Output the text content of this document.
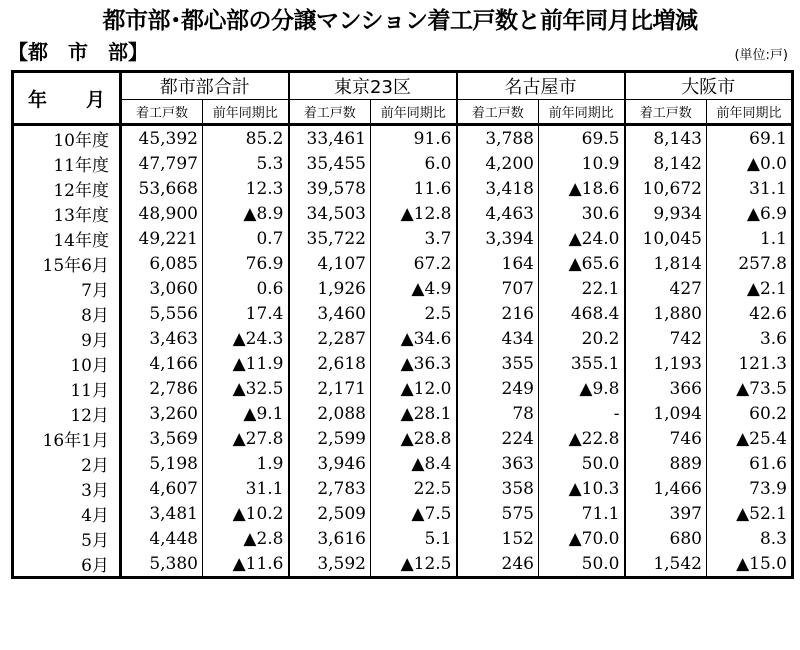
都市部･都心部の分譲マンション着工戸数と前年同月比増減
【都　市　部】	(単位:戸)
年　月	都市部合計		東京23区		名古屋市		大阪市	
	着工戸数	前年同期比	着工戸数	前年同期比	着工戸数	前年同期比	着工戸数	前年同期比
10年度	45,392	85.2	33,461	91.6	3,788	69.5	8,143	69.1
11年度	47,797	5.3	35,455	6.0	4,200	10.9	8,142	▲0.0
12年度	53,668	12.3	39,578	11.6	3,418	▲18.6	10,672	31.1
13年度	48,900	▲8.9	34,503	▲12.8	4,463	30.6	9,934	▲6.9
14年度	49,221	0.7	35,722	3.7	3,394	▲24.0	10,045	1.1
15年6月	6,085	76.9	4,107	67.2	164	▲65.6	1,814	257.8
7月	3,060	0.6	1,926	▲4.9	707	22.1	427	▲2.1
8月	5,556	17.4	3,460	2.5	216	468.4	1,880	42.6
9月	3,463	▲24.3	2,287	▲34.6	434	20.2	742	3.6
10月	4,166	▲11.9	2,618	▲36.3	355	355.1	1,193	121.3
11月	2,786	▲32.5	2,171	▲12.0	249	▲9.8	366	▲73.5
12月	3,260	▲9.1	2,088	▲28.1	78	-	1,094	60.2
16年1月	3,569	▲27.8	2,599	▲28.8	224	▲22.8	746	▲25.4
2月	5,198	1.9	3,946	▲8.4	363	50.0	889	61.6
3月	4,607	31.1	2,783	22.5	358	▲10.3	1,466	73.9
4月	3,481	▲10.2	2,509	▲7.5	575	71.1	397	▲52.1
5月	4,448	▲2.8	3,616	5.1	152	▲70.0	680	8.3
6月	5,380	▲11.6	3,592	▲12.5	246	50.0	1,542	▲15.0
